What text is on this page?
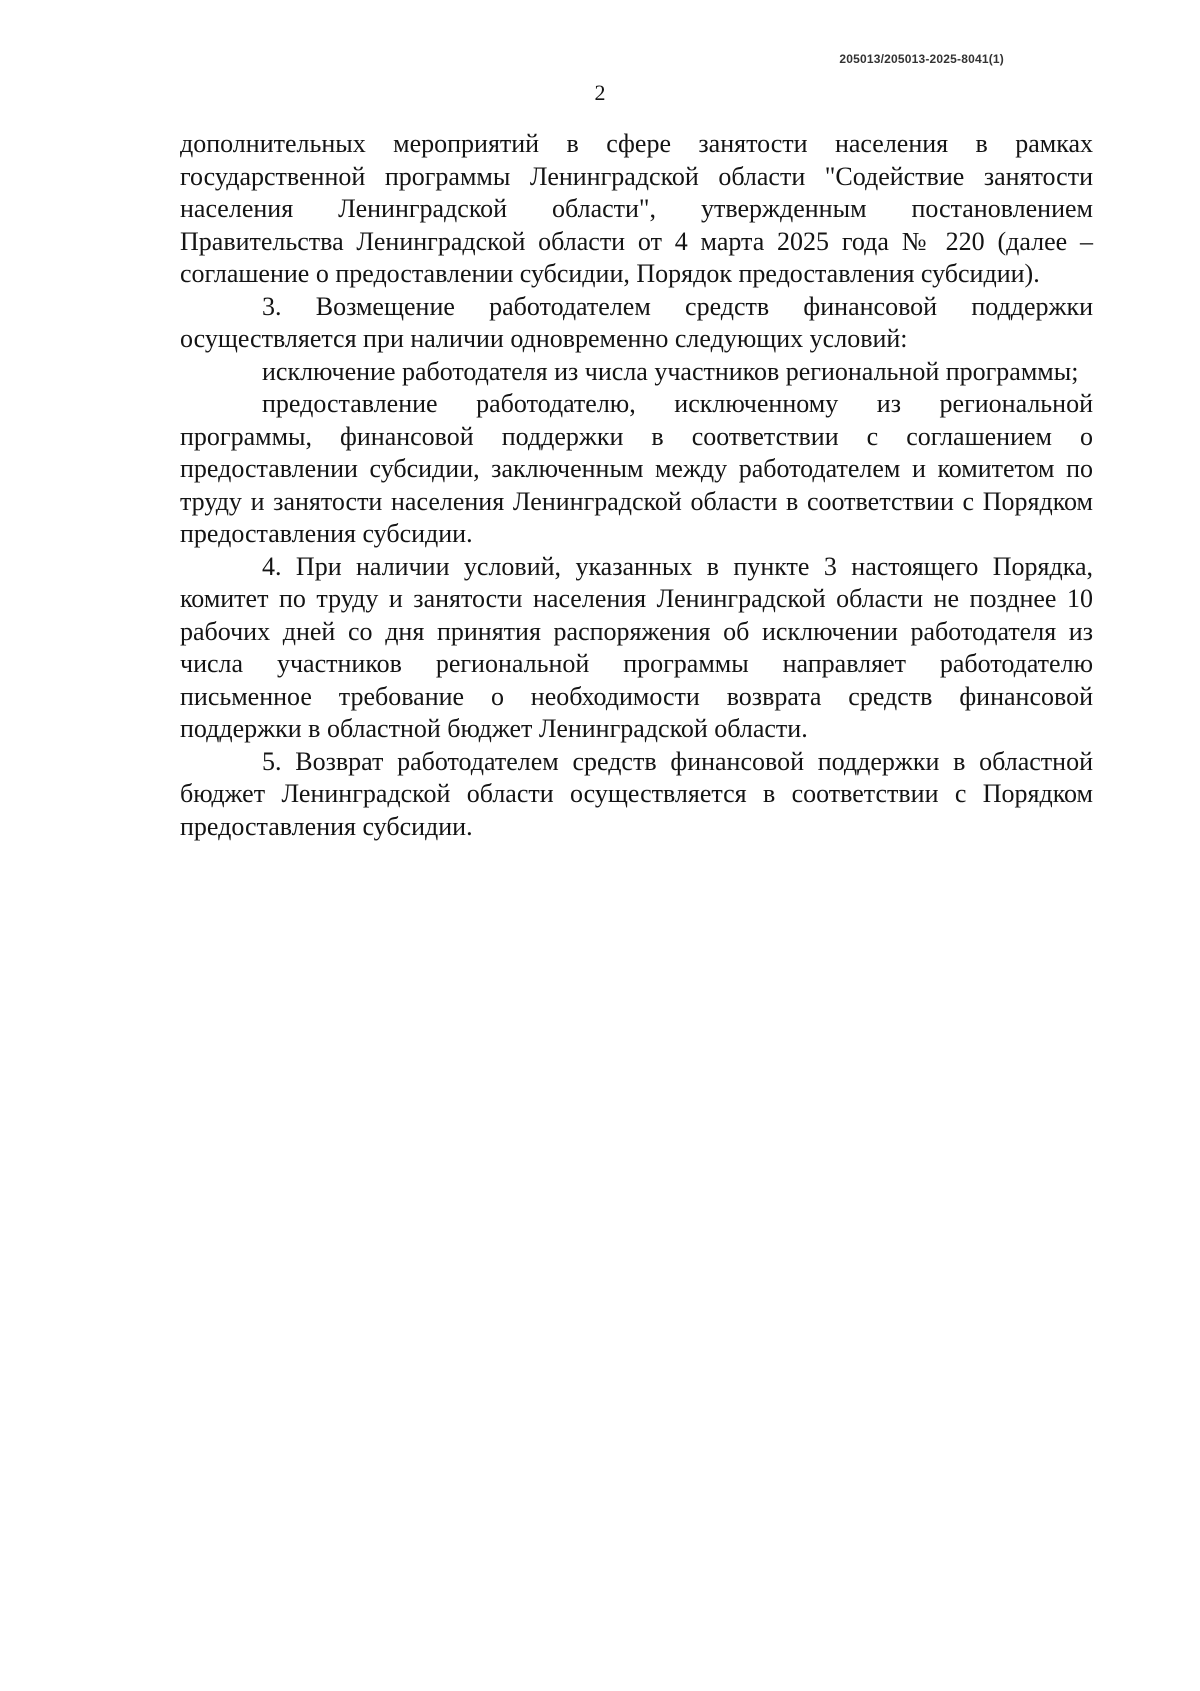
205013/205013-2025-8041(1)
2

дополнительных мероприятий в сфере занятости населения в рамках государственной программы Ленинградской области "Содействие занятости населения Ленинградской области", утвержденным постановлением Правительства Ленинградской области от 4 марта 2025 года № 220 (далее – соглашение о предоставлении субсидии, Порядок предоставления субсидии).

3. Возмещение работодателем средств финансовой поддержки осуществляется при наличии одновременно следующих условий:

исключение работодателя из числа участников региональной программы;

предоставление работодателю, исключенному из региональной программы, финансовой поддержки в соответствии с соглашением о предоставлении субсидии, заключенным между работодателем и комитетом по труду и занятости населения Ленинградской области в соответствии с Порядком предоставления субсидии.

4. При наличии условий, указанных в пункте 3 настоящего Порядка, комитет по труду и занятости населения Ленинградской области не позднее 10 рабочих дней со дня принятия распоряжения об исключении работодателя из числа участников региональной программы направляет работодателю письменное требование о необходимости возврата средств финансовой поддержки в областной бюджет Ленинградской области.

5. Возврат работодателем средств финансовой поддержки в областной бюджет Ленинградской области осуществляется в соответствии с Порядком предоставления субсидии.
